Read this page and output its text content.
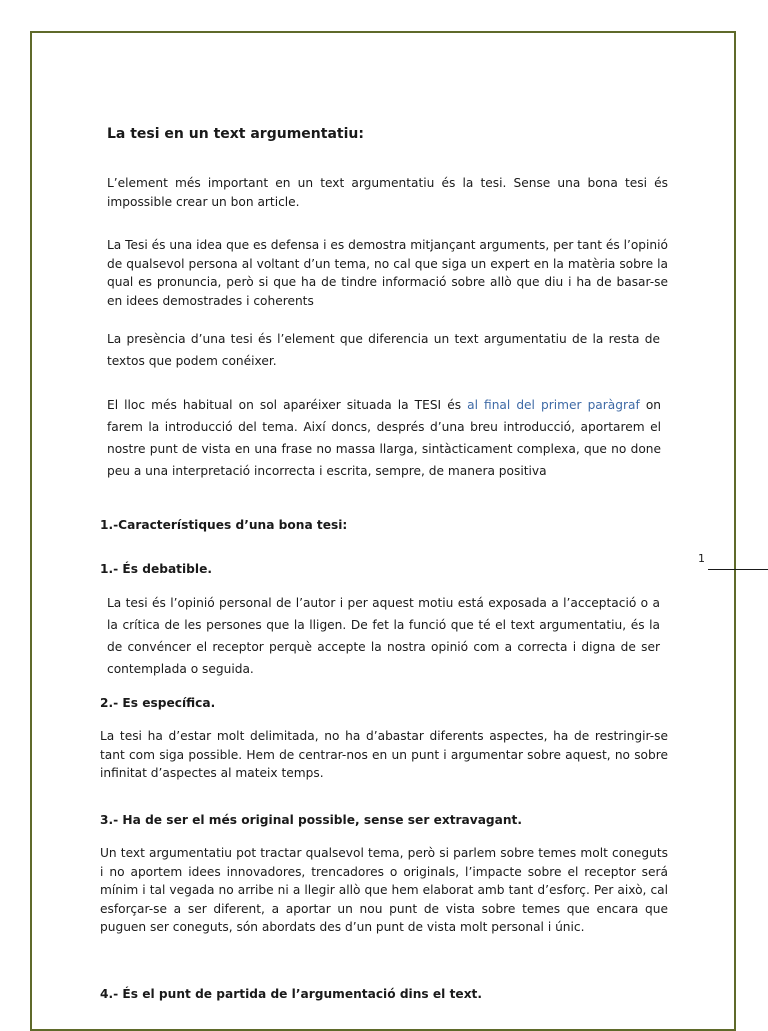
La tesi en un text argumentatiu:

L’element més important en un text argumentatiu és la tesi. Sense una bona tesi és impossible crear un bon article.

La Tesi és una idea que es defensa i es demostra mitjançant arguments, per tant és l’opinió de qualsevol persona al voltant d’un tema, no cal que siga un expert en la matèria sobre la qual es pronuncia, però si que ha de tindre informació sobre allò que diu i ha de basar-se en idees demostrades i coherents

La presència d’una tesi és l’element que diferencia un text argumentatiu de la resta de textos que podem conéixer.

El lloc més habitual on sol aparéixer situada la TESI és al final del primer paràgraf on farem la introducció del tema. Així doncs, després d’una breu introducció, aportarem el nostre punt de vista en una frase no massa llarga, sintàcticament complexa, que no done peu a una interpretació incorrecta i escrita, sempre, de manera positiva

1.-Característiques d’una bona tesi:

1.- És debatible.

La tesi és l’opinió personal de l’autor i per aquest motiu está exposada a l’acceptació o a la crítica de les persones que la lligen. De fet la funció que té el text argumentatiu, és la de convéncer el receptor perquè accepte la nostra opinió com a correcta i digna de ser contemplada o seguida.

2.- Es específica.

La tesi ha d’estar molt delimitada, no ha d’abastar diferents aspectes, ha de restringir-se tant com siga possible. Hem de centrar-nos en un punt i argumentar sobre aquest, no sobre infinitat d’aspectes al mateix temps.

3.- Ha de ser el més original possible, sense ser extravagant.

Un text argumentatiu pot tractar qualsevol tema, però si parlem sobre temes molt coneguts i no aportem idees innovadores, trencadores o originals, l’impacte sobre el receptor será mínim i tal vegada no arribe ni a llegir allò que hem elaborat amb tant d’esforç. Per això, cal esforçar-se a ser diferent, a aportar un nou punt de vista sobre temes que encara que puguen ser coneguts, són abordats des d’un punt de vista molt personal i únic.

4.- És el punt de partida de l’argumentació dins el text.

1
